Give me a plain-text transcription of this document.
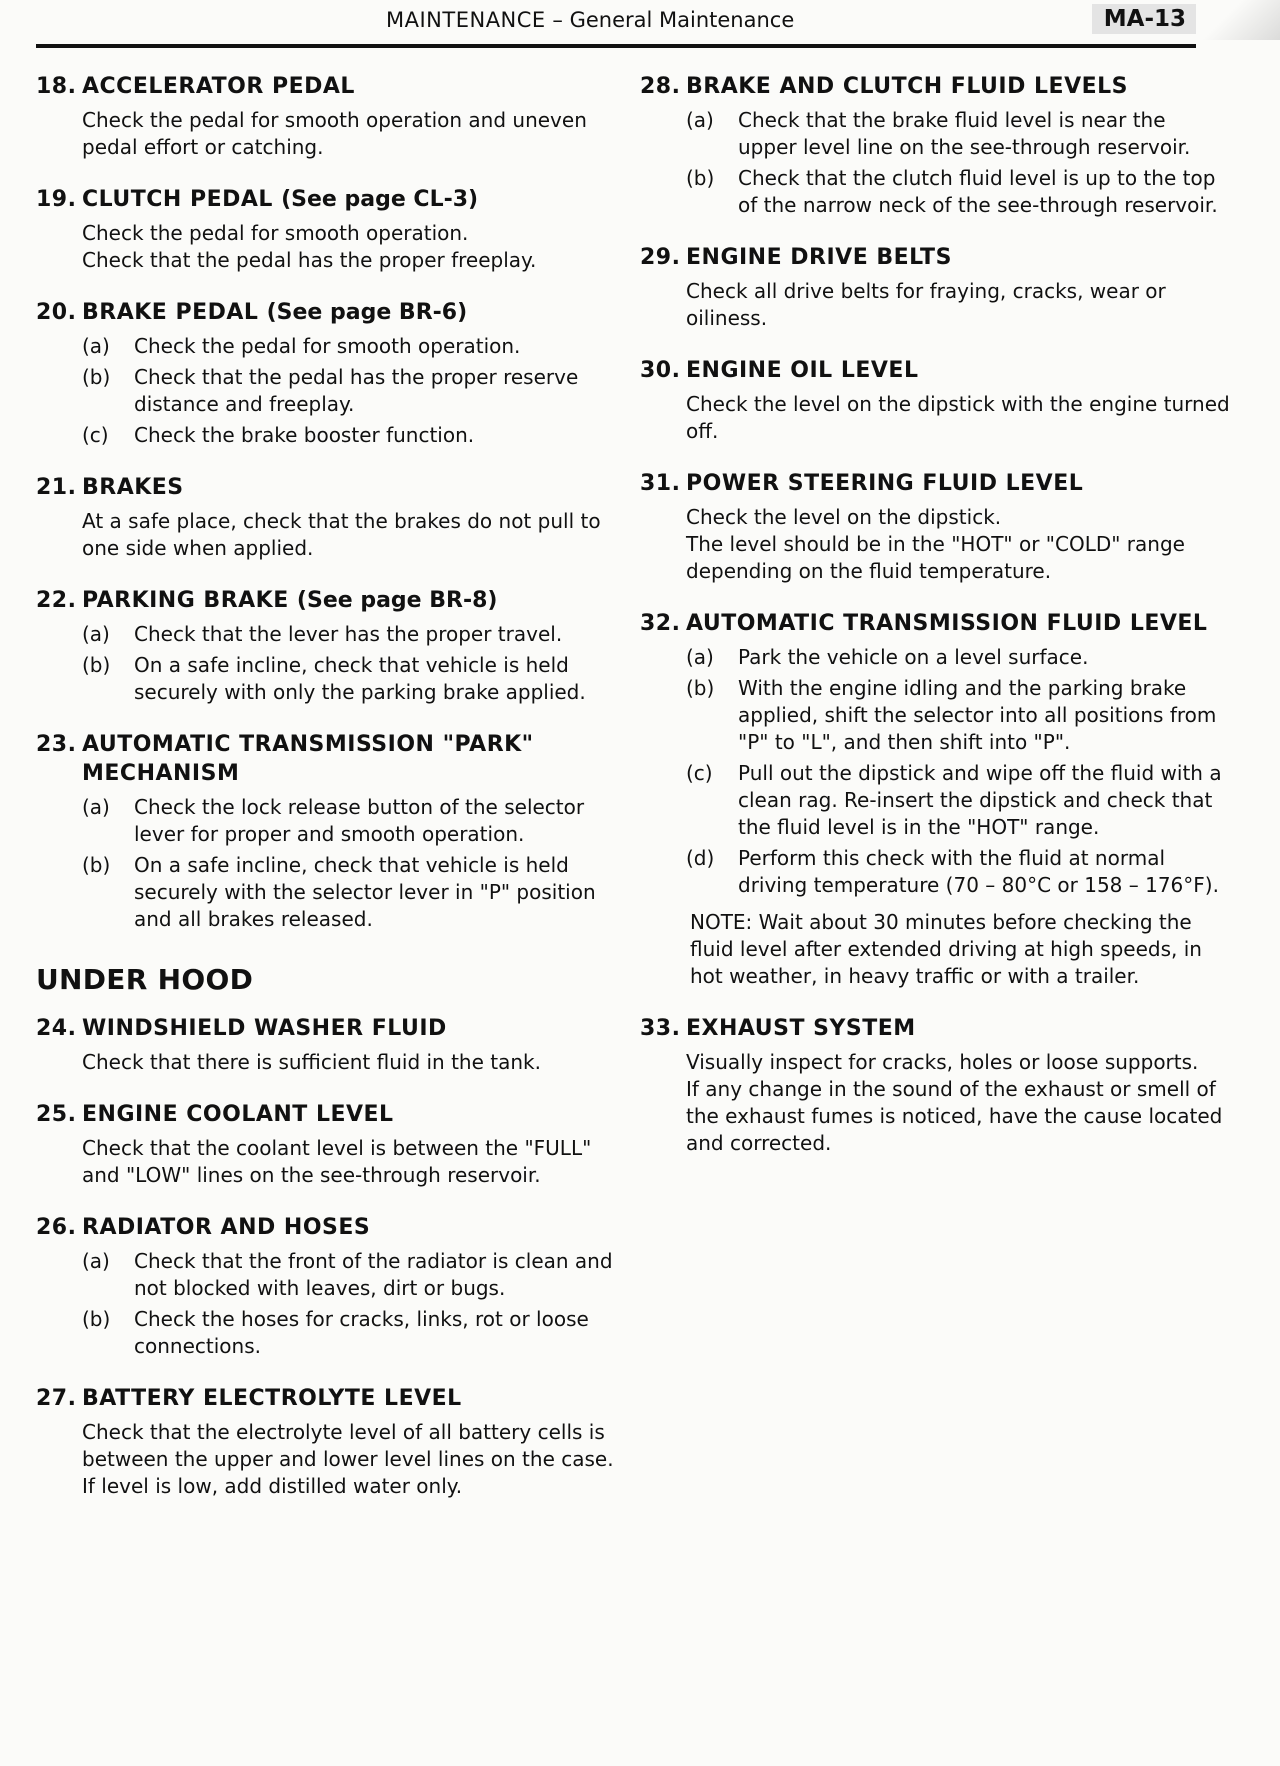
MAINTENANCE – General Maintenance	MA-13
18. ACCELERATOR PEDAL

Check the pedal for smooth operation and uneven pedal effort or catching.

19. CLUTCH PEDAL (See page CL-3)

Check the pedal for smooth operation.

Check that the pedal has the proper freeplay.

20. BRAKE PEDAL (See page BR-6)
(a)	Check the pedal for smooth operation.
(b)	Check that the pedal has the proper reserve distance and freeplay.
(c)	Check the brake booster function.
21. BRAKES

At a safe place, check that the brakes do not pull to one side when applied.

22. PARKING BRAKE (See page BR-8)
(a)	Check that the lever has the proper travel.
(b)	On a safe incline, check that vehicle is held securely with only the parking brake applied.
23. AUTOMATIC TRANSMISSION "PARK" MECHANISM
(a)	Check the lock release button of the selector lever for proper and smooth operation.
(b)	On a safe incline, check that vehicle is held securely with the selector lever in "P" position and all brakes released.
UNDER HOOD
24. WINDSHIELD WASHER FLUID

Check that there is sufficient fluid in the tank.

25. ENGINE COOLANT LEVEL

Check that the coolant level is between the "FULL" and "LOW" lines on the see-through reservoir.

26. RADIATOR AND HOSES
(a)	Check that the front of the radiator is clean and not blocked with leaves, dirt or bugs.
(b)	Check the hoses for cracks, links, rot or loose connections.
27. BATTERY ELECTROLYTE LEVEL

Check that the electrolyte level of all battery cells is between the upper and lower level lines on the case. If level is low, add distilled water only.

28. BRAKE AND CLUTCH FLUID LEVELS
(a)	Check that the brake fluid level is near the upper level line on the see-through reservoir.
(b)	Check that the clutch fluid level is up to the top of the narrow neck of the see-through reservoir.
29. ENGINE DRIVE BELTS

Check all drive belts for fraying, cracks, wear or oiliness.

30. ENGINE OIL LEVEL

Check the level on the dipstick with the engine turned off.

31. POWER STEERING FLUID LEVEL

Check the level on the dipstick.

The level should be in the "HOT" or "COLD" range depending on the fluid temperature.

32. AUTOMATIC TRANSMISSION FLUID LEVEL
(a)	Park the vehicle on a level surface.
(b)	With the engine idling and the parking brake applied, shift the selector into all positions from "P" to "L", and then shift into "P".
(c)	Pull out the dipstick and wipe off the fluid with a clean rag. Re-insert the dipstick and check that the fluid level is in the "HOT" range.
(d)	Perform this check with the fluid at normal driving temperature (70 – 80°C or 158 – 176°F).
NOTE: Wait about 30 minutes before checking the fluid level after extended driving at high speeds, in hot weather, in heavy traffic or with a trailer.
33. EXHAUST SYSTEM

Visually inspect for cracks, holes or loose supports.

If any change in the sound of the exhaust or smell of the exhaust fumes is noticed, have the cause located and corrected.
